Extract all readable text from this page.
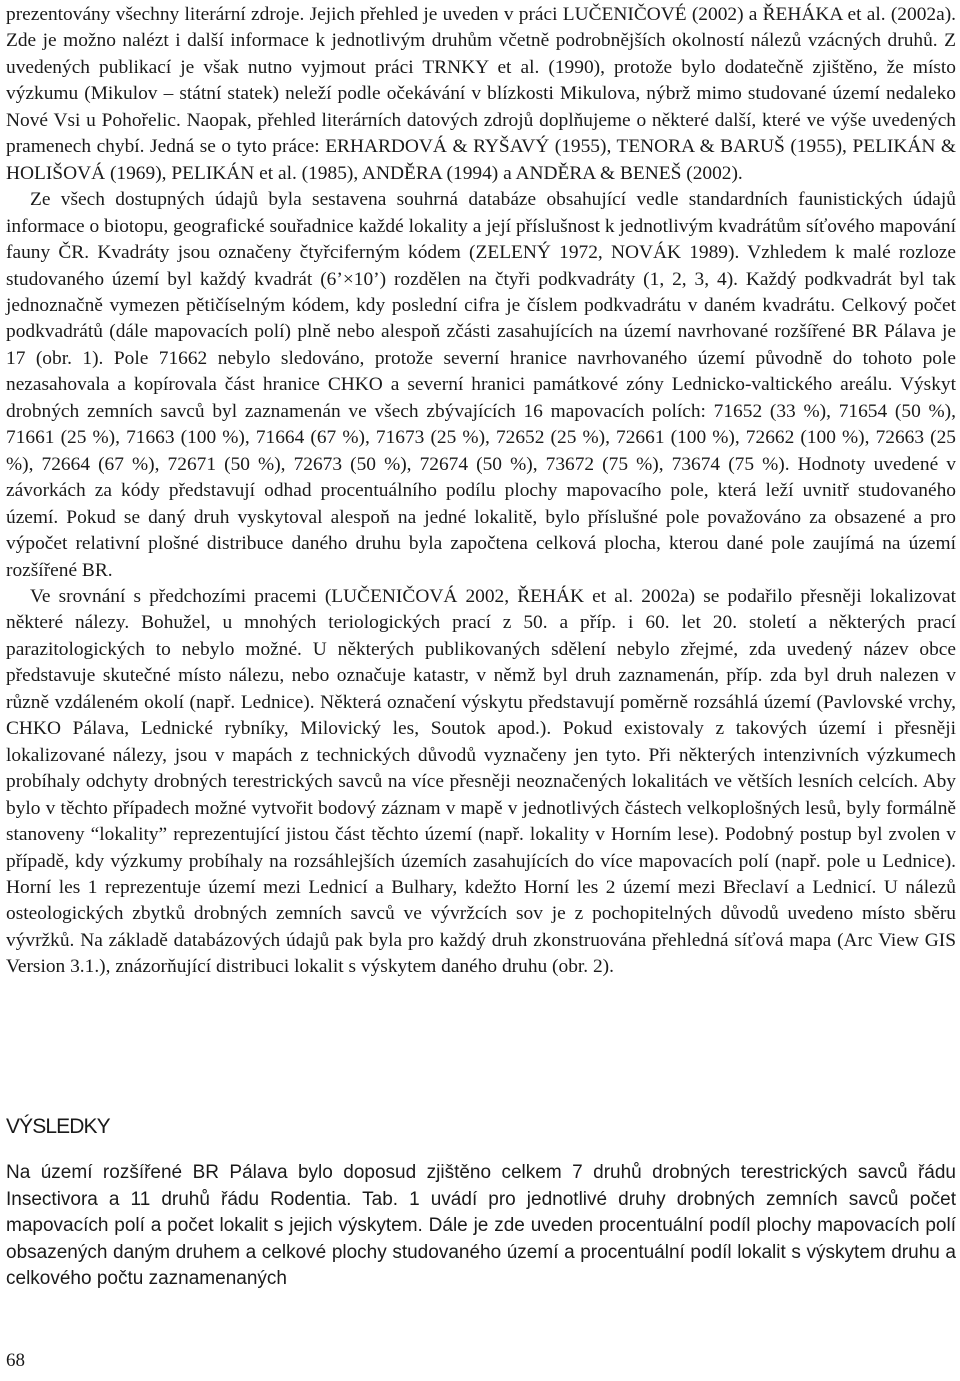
prezentovány všechny literární zdroje. Jejich přehled je uveden v práci LUČENIČOVÉ (2002) a ŘEHÁKA et al. (2002a). Zde je možno nalézt i další informace k jednotlivým druhům včetně podrobnějších okolností nálezů vzácných druhů. Z uvedených publikací je však nutno vyjmout práci TRNKY et al. (1990), protože bylo dodatečně zjištěno, že místo výzkumu (Mikulov – státní statek) neleží podle očekávání v blízkosti Mikulova, nýbrž mimo studované území nedaleko Nové Vsi u Pohořelic. Naopak, přehled literárních datových zdrojů doplňujeme o některé další, které ve výše uvedených pramenech chybí. Jedná se o tyto práce: ERHARDOVÁ & RYŠAVÝ (1955), TENORA & BARUŠ (1955), PELIKÁN & HOLIŠOVÁ (1969), PELIKÁN et al. (1985), ANDĚRA (1994) a ANDĚRA & BENEŠ (2002).

Ze všech dostupných údajů byla sestavena souhrná databáze obsahující vedle standardních faunistických údajů informace o biotopu, geografické souřadnice každé lokality a její příslušnost k jednotlivým kvadrátům síťového mapování fauny ČR. Kvadráty jsou označeny čtyřciferným kódem (ZELENÝ 1972, NOVÁK 1989). Vzhledem k malé rozloze studovaného území byl každý kvadrát (6’×10’) rozdělen na čtyři podkvadráty (1, 2, 3, 4). Každý podkvadrát byl tak jednoznačně vymezen pětičíselným kódem, kdy poslední cifra je číslem podkvadrátu v daném kvadrátu. Celkový počet podkvadrátů (dále mapovacích polí) plně nebo alespoň zčásti zasahujících na území navrhované rozšířené BR Pálava je 17 (obr. 1). Pole 71662 nebylo sledováno, protože severní hranice navrhovaného území původně do tohoto pole nezasahovala a kopírovala část hranice CHKO a severní hranici památkové zóny Lednicko-valtického areálu. Výskyt drobných zemních savců byl zaznamenán ve všech zbývajících 16 mapovacích polích: 71652 (33 %), 71654 (50 %), 71661 (25 %), 71663 (100 %), 71664 (67 %), 71673 (25 %), 72652 (25 %), 72661 (100 %), 72662 (100 %), 72663 (25 %), 72664 (67 %), 72671 (50 %), 72673 (50 %), 72674 (50 %), 73672 (75 %), 73674 (75 %). Hodnoty uvedené v závorkách za kódy představují odhad procentuálního podílu plochy mapovacího pole, která leží uvnitř studovaného území. Pokud se daný druh vyskytoval alespoň na jedné lokalitě, bylo příslušné pole považováno za obsazené a pro výpočet relativní plošné distribuce daného druhu byla započtena celková plocha, kterou dané pole zaujímá na území rozšířené BR.

Ve srovnání s předchozími pracemi (LUČENIČOVÁ 2002, ŘEHÁK et al. 2002a) se podařilo přesněji lokalizovat některé nálezy. Bohužel, u mnohých teriologických prací z 50. a příp. i 60. let 20. století a některých prací parazitologických to nebylo možné. U některých publikovaných sdělení nebylo zřejmé, zda uvedený název obce představuje skutečné místo nálezu, nebo označuje katastr, v němž byl druh zaznamenán, příp. zda byl druh nalezen v různě vzdáleném okolí (např. Lednice). Některá označení výskytu představují poměrně rozsáhlá území (Pavlovské vrchy, CHKO Pálava, Lednické rybníky, Milovický les, Soutok apod.). Pokud existovaly z takových území i přesněji lokalizované nálezy, jsou v mapách z technických důvodů vyznačeny jen tyto. Při některých intenzivních výzkumech probíhaly odchyty drobných terestrických savců na více přesněji neoznačených lokalitách ve větších lesních celcích. Aby bylo v těchto případech možné vytvořit bodový záznam v mapě v jednotlivých částech velkoplošných lesů, byly formálně stanoveny “lokality” reprezentující jistou část těchto území (např. lokality v Horním lese). Podobný postup byl zvolen v případě, kdy výzkumy probíhaly na rozsáhlejších územích zasahujících do více mapovacích polí (např. pole u Lednice). Horní les 1 reprezentuje území mezi Lednicí a Bulhary, kdežto Horní les 2 území mezi Břeclaví a Lednicí. U nálezů osteologických zbytků drobných zemních savců ve vývržcích sov je z pochopitelných důvodů uvedeno místo sběru vývržků. Na základě databázových údajů pak byla pro každý druh zkonstruována přehledná síťová mapa (Arc View GIS Version 3.1.), znázorňující distribuci lokalit s výskytem daného druhu (obr. 2).

VÝSLEDKY

Na území rozšířené BR Pálava bylo doposud zjištěno celkem 7 druhů drobných terestrických savců řádu Insectivora a 11 druhů řádu Rodentia. Tab. 1 uvádí pro jednotlivé druhy drobných zemních savců počet mapovacích polí a počet lokalit s jejich výskytem. Dále je zde uveden procentuální podíl plochy mapovacích polí obsazených daným druhem a celkové plochy studovaného území a procentuální podíl lokalit s výskytem druhu a celkového počtu zaznamenaných

68
